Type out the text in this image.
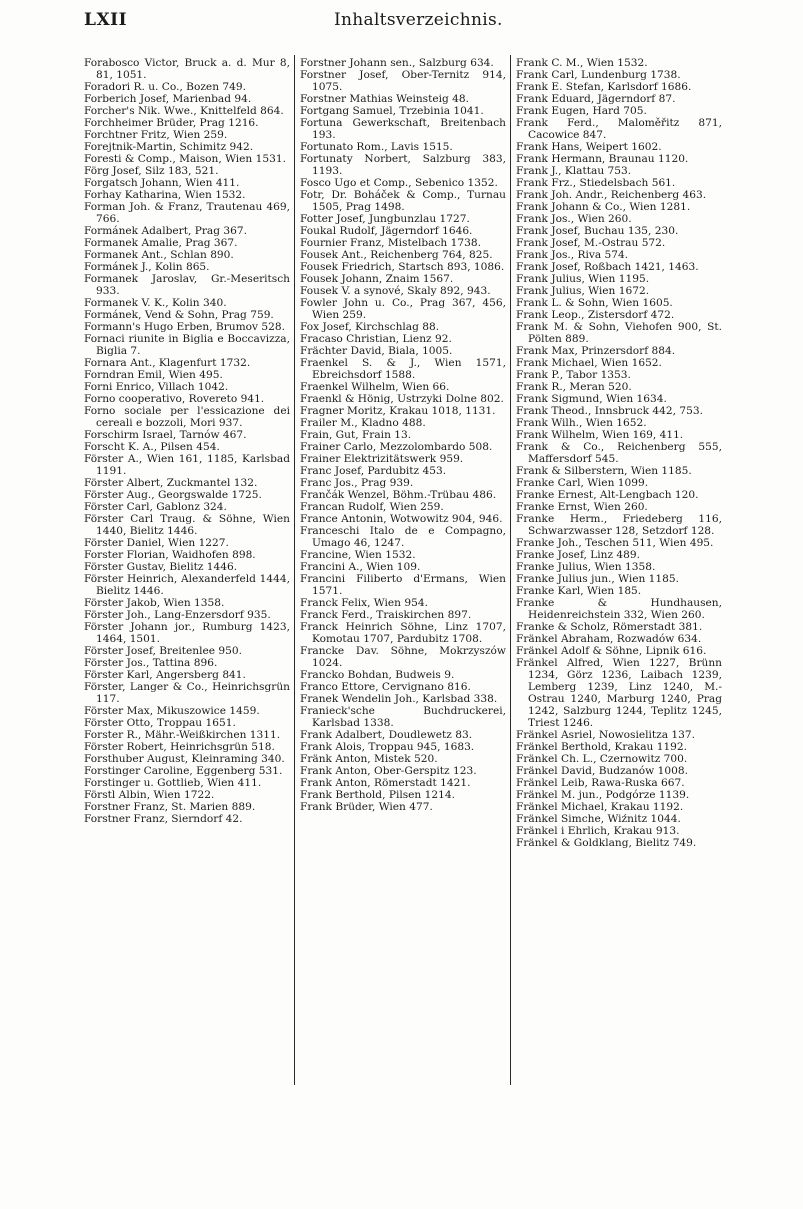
LXII	Inhaltsverzeichnis.
Forabosco Victor, Bruck a. d. Mur 8, 81, 1051.
Foradori R. u. Co., Bozen 749.
Forberich Josef, Marienbad 94.
Forcher's Nik. Wwe., Knittelfeld 864.
Forchheimer Brüder, Prag 1216.
Forchtner Fritz, Wien 259.
Forejtnik-Martin, Schimitz 942.
Foresti & Comp., Maison, Wien 1531.
Förg Josef, Silz 183, 521.
Forgatsch Johann, Wien 411.
Forhay Katharina, Wien 1532.
Forman Joh. & Franz, Trautenau 469, 766.
Formánek Adalbert, Prag 367.
Formanek Amalie, Prag 367.
Formanek Ant., Schlan 890.
Formánek J., Kolin 865.
Formanek Jaroslav, Gr.-Meseritsch 933.
Formanek V. K., Kolin 340.
Formánek, Vend & Sohn, Prag 759.
Formann's Hugo Erben, Brumov 528.
Fornaci riunite in Biglia e Boccavizza, Biglia 7.
Fornara Ant., Klagenfurt 1732.
Forndran Emil, Wien 495.
Forni Enrico, Villach 1042.
Forno cooperativo, Rovereto 941.
Forno sociale per l'essicazione dei cereali e bozzoli, Mori 937.
Forschirm Israel, Tarnów 467.
Forscht K. A., Pilsen 454.
Förster A., Wien 161, 1185, Karlsbad 1191.
Förster Albert, Zuckmantel 132.
Förster Aug., Georgswalde 1725.
Förster Carl, Gablonz 324.
Förster Carl Traug. & Söhne, Wien 1440, Bielitz 1446.
Förster Daniel, Wien 1227.
Forster Florian, Waidhofen 898.
Förster Gustav, Bielitz 1446.
Förster Heinrich, Alexanderfeld 1444, Bielitz 1446.
Förster Jakob, Wien 1358.
Förster Joh., Lang-Enzersdorf 935.
Förster Johann jor., Rumburg 1423, 1464, 1501.
Förster Josef, Breitenlee 950.
Förster Jos., Tattina 896.
Förster Karl, Angersberg 841.
Förster, Langer & Co., Heinrichsgrün 117.
Förster Max, Mikuszowice 1459.
Förster Otto, Troppau 1651.
Forster R., Mähr.-Weißkirchen 1311.
Förster Robert, Heinrichsgrün 518.
Forsthuber August, Kleinraming 340.
Forstinger Caroline, Eggenberg 531.
Forstinger u. Gottlieb, Wien 411.
Förstl Albin, Wien 1722.
Forstner Franz, St. Marien 889.
Forstner Franz, Sierndorf 42.
Forstner Johann sen., Salzburg 634.
Forstner Josef, Ober-Ternitz 914, 1075.
Forstner Mathias Weinsteig 48.
Fortgang Samuel, Trzebinia 1041.
Fortuna Gewerkschaft, Breitenbach 193.
Fortunato Rom., Lavis 1515.
Fortunaty Norbert, Salzburg 383, 1193.
Fosco Ugo et Comp., Sebenico 1352.
Fotr, Dr. Boháček & Comp., Turnau 1505, Prag 1498.
Fotter Josef, Jungbunzlau 1727.
Foukal Rudolf, Jägerndorf 1646.
Fournier Franz, Mistelbach 1738.
Fousek Ant., Reichenberg 764, 825.
Fousek Friedrich, Startsch 893, 1086.
Fousek Johann, Znaim 1567.
Fousek V. a synové, Skaly 892, 943.
Fowler John u. Co., Prag 367, 456, Wien 259.
Fox Josef, Kirchschlag 88.
Fracaso Christian, Lienz 92.
Frächter David, Biala, 1005.
Fraenkel S. & J., Wien 1571, Ebreichsdorf 1588.
Fraenkel Wilhelm, Wien 66.
Fraenkl & Hönig, Ustrzyki Dolne 802.
Fragner Moritz, Krakau 1018, 1131.
Frailer M., Kladno 488.
Frain, Gut, Frain 13.
Frainer Carlo, Mezzolombardo 508.
Frainer Elektrizitätswerk 959.
Franc Josef, Pardubitz 453.
Franc Jos., Prag 939.
Frančák Wenzel, Böhm.-Trübau 486.
Francan Rudolf, Wien 259.
France Antonin, Wotwowitz 904, 946.
Franceschi Italo de e Compagno, Umago 46, 1247.
Francine, Wien 1532.
Francini A., Wien 109.
Francini Filiberto d'Ermans, Wien 1571.
Franck Felix, Wien 954.
Franck Ferd., Traiskirchen 897.
Franck Heinrich Söhne, Linz 1707, Komotau 1707, Pardubitz 1708.
Francke Dav. Söhne, Mokrzyszów 1024.
Francko Bohdan, Budweis 9.
Franco Ettore, Cervignano 816.
Franek Wendelin Joh., Karlsbad 338.
Franieck'sche Buchdruckerei, Karlsbad 1338.
Frank Adalbert, Doudlewetz 83.
Frank Alois, Troppau 945, 1683.
Fränk Anton, Mistek 520.
Frank Anton, Ober-Gerspitz 123.
Frank Anton, Römerstadt 1421.
Frank Berthold, Pilsen 1214.
Frank Brüder, Wien 477.
Frank C. M., Wien 1532.
Frank Carl, Lundenburg 1738.
Frank E. Stefan, Karlsdorf 1686.
Frank Eduard, Jägerndorf 87.
Frank Eugen, Hard 705.
Frank Ferd., Maloměřitz 871, Cacowice 847.
Frank Hans, Weipert 1602.
Frank Hermann, Braunau 1120.
Frank J., Klattau 753.
Frank Frz., Stiedelsbach 561.
Frank Joh. Andr., Reichenberg 463.
Frank Johann & Co., Wien 1281.
Frank Jos., Wien 260.
Frank Josef, Buchau 135, 230.
Frank Josef, M.-Ostrau 572.
Frank Jos., Riva 574.
Frank Josef, Roßbach 1421, 1463.
Frank Julius, Wien 1195.
Frank Julius, Wien 1672.
Frank L. & Sohn, Wien 1605.
Frank Leop., Zistersdorf 472.
Frank M. & Sohn, Viehofen 900, St. Pölten 889.
Frank Max, Prinzersdorf 884.
Frank Michael, Wien 1652.
Frank P., Tabor 1353.
Frank R., Meran 520.
Frank Sigmund, Wien 1634.
Frank Theod., Innsbruck 442, 753.
Frank Wilh., Wien 1652.
Frank Wilhelm, Wien 169, 411.
Frank & Co., Reichenberg 555, Maffersdorf 545.
Frank & Silberstern, Wien 1185.
Franke Carl, Wien 1099.
Franke Ernest, Alt-Lengbach 120.
Franke Ernst, Wien 260.
Franke Herm., Friedeberg 116, Schwarzwasser 128, Setzdorf 128.
Franke Joh., Teschen 511, Wien 495.
Franke Josef, Linz 489.
Franke Julius, Wien 1358.
Franke Julius jun., Wien 1185.
Franke Karl, Wien 185.
Franke & Hundhausen, Heidenreichstein 332, Wien 260.
Franke & Scholz, Römerstadt 381.
Fränkel Abraham, Rozwadów 634.
Fränkel Adolf & Söhne, Lipnik 616.
Fränkel Alfred, Wien 1227, Brünn 1234, Görz 1236, Laibach 1239, Lemberg 1239, Linz 1240, M.-Ostrau 1240, Marburg 1240, Prag 1242, Salzburg 1244, Teplitz 1245, Triest 1246.
Fränkel Asriel, Nowosielitza 137.
Fränkel Berthold, Krakau 1192.
Fränkel Ch. L., Czernowitz 700.
Fränkel David, Budzanów 1008.
Fränkel Leib, Rawa-Ruska 667.
Fränkel M. jun., Podgórze 1139.
Fränkel Michael, Krakau 1192.
Fränkel Simche, Wiźnitz 1044.
Fränkel i Ehrlich, Krakau 913.
Fränkel & Goldklang, Bielitz 749.
